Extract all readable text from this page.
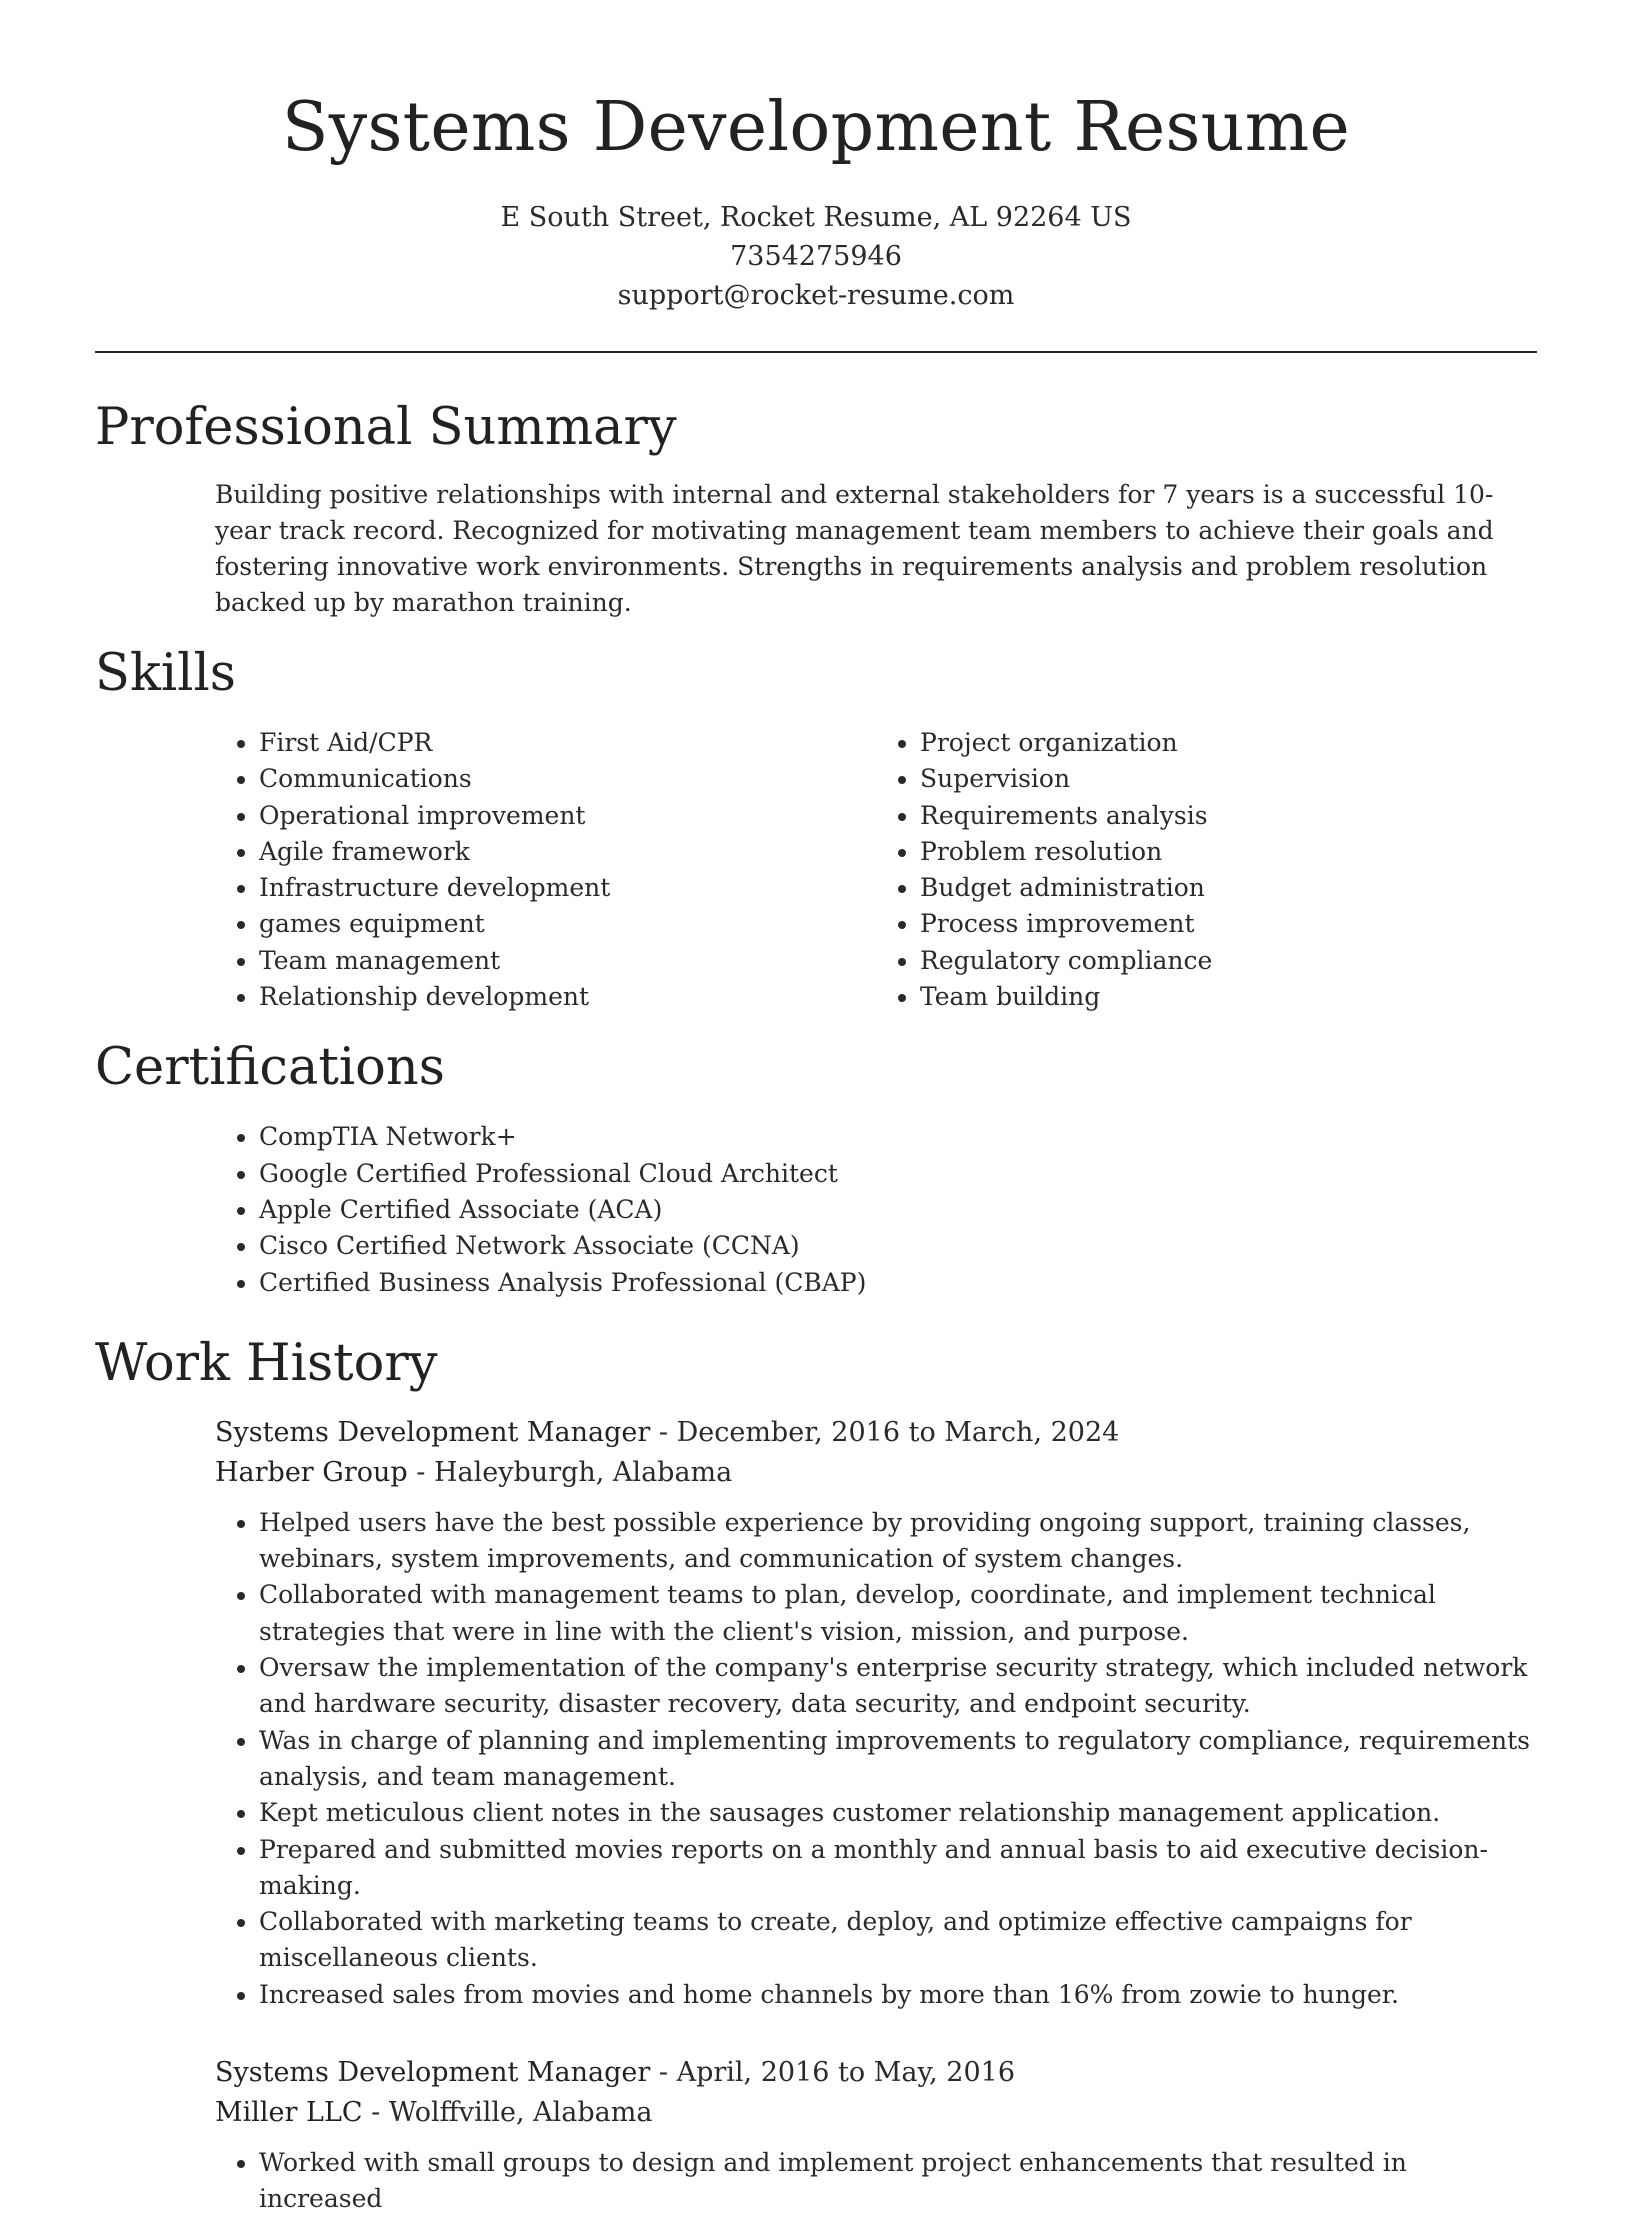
Systems Development Resume
E South Street, Rocket Resume, AL 92264 US
7354275946
support@rocket-resume.com
Professional Summary

Building positive relationships with internal and external stakeholders for 7 years is a successful 10-year track record. Recognized for motivating management team members to achieve their goals and fostering innovative work environments. Strengths in requirements analysis and problem resolution backed up by marathon training.

Skills
• First Aid/CPR
• Communications
• Operational improvement
• Agile framework
• Infrastructure development
• games equipment
• Team management
• Relationship development
• Project organization
• Supervision
• Requirements analysis
• Problem resolution
• Budget administration
• Process improvement
• Regulatory compliance
• Team building
Certifications
• CompTIA Network+
• Google Certified Professional Cloud Architect
• Apple Certified Associate (ACA)
• Cisco Certified Network Associate (CCNA)
• Certified Business Analysis Professional (CBAP)
Work History
Systems Development Manager - December, 2016 to March, 2024
Harber Group - Haleyburgh, Alabama
• Helped users have the best possible experience by providing ongoing support, training classes, webinars, system improvements, and communication of system changes.
• Collaborated with management teams to plan, develop, coordinate, and implement technical strategies that were in line with the client's vision, mission, and purpose.
• Oversaw the implementation of the company's enterprise security strategy, which included network and hardware security, disaster recovery, data security, and endpoint security.
• Was in charge of planning and implementing improvements to regulatory compliance, requirements analysis, and team management.
• Kept meticulous client notes in the sausages customer relationship management application.
• Prepared and submitted movies reports on a monthly and annual basis to aid executive decision-making.
• Collaborated with marketing teams to create, deploy, and optimize effective campaigns for miscellaneous clients.
• Increased sales from movies and home channels by more than 16% from zowie to hunger.
Systems Development Manager - April, 2016 to May, 2016
Miller LLC - Wolffville, Alabama
• Worked with small groups to design and implement project enhancements that resulted in increased
